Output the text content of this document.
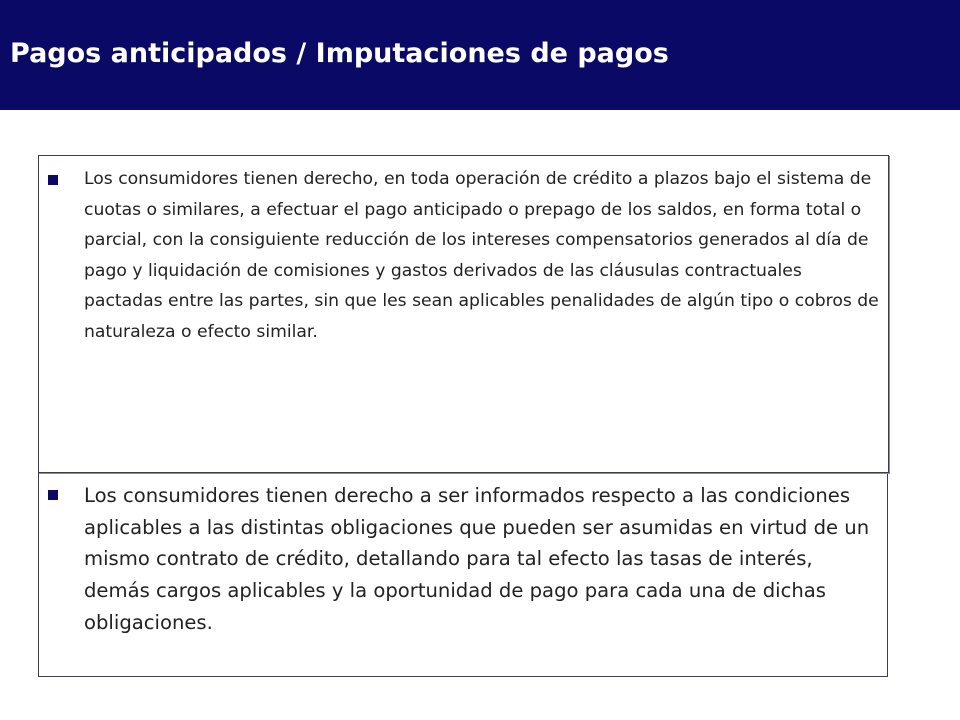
Pagos anticipados / Imputaciones de pagos

Los consumidores tienen derecho a ser informados respecto a las condiciones aplicables a las distintas obligaciones que pueden ser asumidas en virtud de un mismo contrato de crédito, detallando para tal efecto las tasas de interés, demás cargos aplicables y la oportunidad de pago para cada una de dichas obligaciones.

Los consumidores tienen derecho, en toda operación de crédito a plazos bajo el sistema de cuotas o similares, a efectuar el pago anticipado o prepago de los saldos, en forma total o parcial, con la consiguiente reducción de los intereses compensatorios generados al día de pago y liquidación de comisiones y gastos derivados de las cláusulas contractuales pactadas entre las partes, sin que les sean aplicables penalidades de algún tipo o cobros de naturaleza o efecto similar.
